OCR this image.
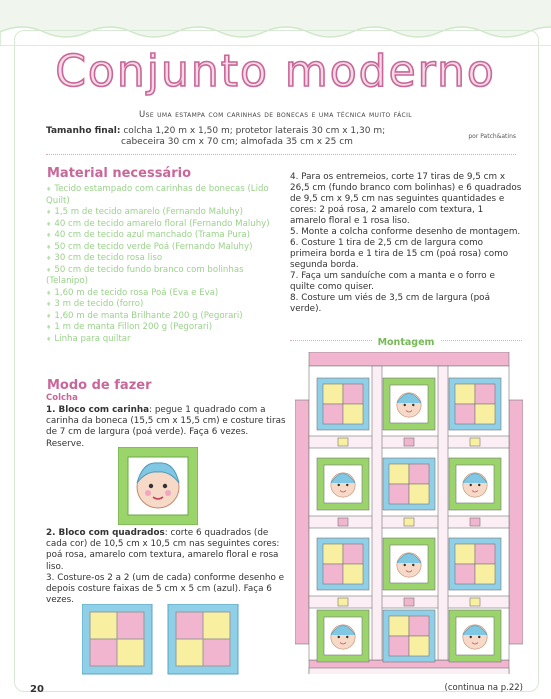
Conjunto moderno
Use uma estampa com carinhas de bonecas e uma técnica muito fácil
Tamanho final: colcha 1,20 m x 1,50 m; protetor laterais 30 cm x 1,30 m;
cabeceira 30 cm x 70 cm; almofada 35 cm x 25 cm
por Patch&atins
Material necessário
♦ Tecido estampado com carinhas de bonecas (Lido
Quilt)
♦ 1,5 m de tecido amarelo (Fernando Maluhy)
♦ 40 cm de tecido amarelo floral (Fernando Maluhy)
♦ 40 cm de tecido azul manchado (Trama Pura)
♦ 50 cm de tecido verde Poá (Fernando Maluhy)
♦ 30 cm de tecido rosa liso
♦ 50 cm de tecido fundo branco com bolinhas
(Telanipo)
♦ 1,60 m de tecido rosa Poá (Eva e Eva)
♦ 3 m de tecido (forro)
♦ 1,60 m de manta Brilhante 200 g (Pegorari)
♦ 1 m de manta Fillon 200 g (Pegorari)
♦ Linha para quiltar
Modo de fazer
Colcha

1. Bloco com carinha: pegue 1 quadrado com a carinha da boneca (15,5 cm x 15,5 cm) e costure tiras de 7 cm de largura (poá verde). Faça 6 vezes. Reserve.

2. Bloco com quadrados: corte 6 quadrados (de cada cor) de 10,5 cm x 10,5 cm nas seguintes cores: poá rosa, amarelo com textura, amarelo floral e rosa liso.
3. Costure-os 2 a 2 (um de cada) conforme desenho e depois costure faixas de 5 cm x 5 cm (azul). Faça 6 vezes.

4. Para os entremeios, corte 17 tiras de 9,5 cm x 26,5 cm (fundo branco com bolinhas) e 6 quadrados de 9,5 cm x 9,5 cm nas seguintes quantidades e cores: 2 poá rosa, 2 amarelo com textura, 1 amarelo floral e 1 rosa liso.

5. Monte a colcha conforme desenho de montagem.

6. Costure 1 tira de 2,5 cm de largura como primeira borda e 1 tira de 15 cm (poá rosa) como segunda borda.

7. Faça um sanduíche com a manta e o forro e quilte como quiser.

8. Costure um viés de 3,5 cm de largura (poá verde).

Montagem
20	(continua na p.22)
